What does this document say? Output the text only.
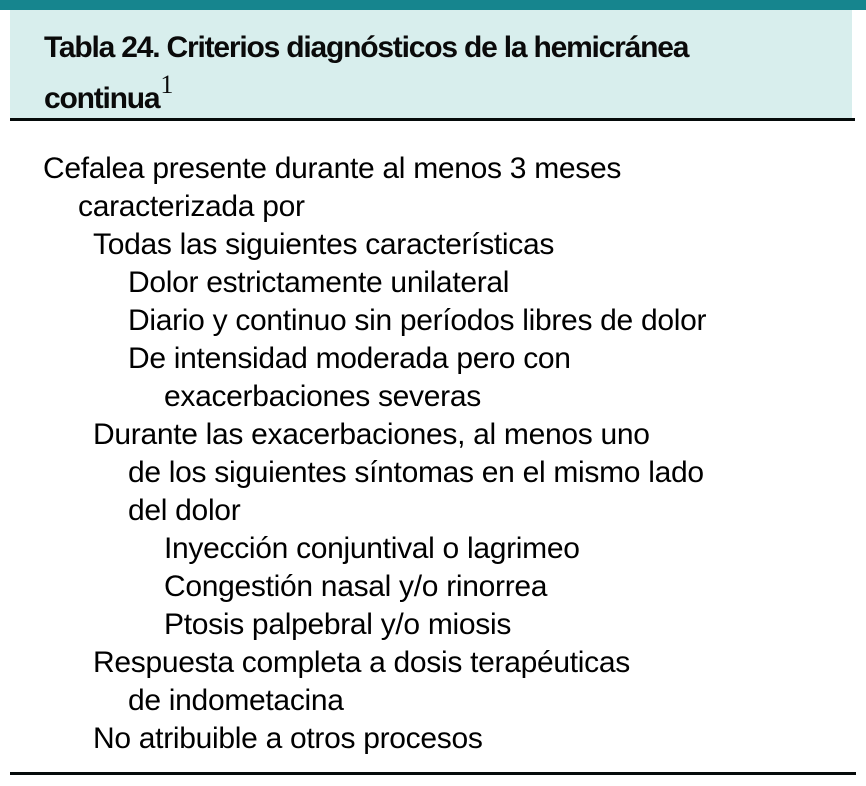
Tabla 24. Criterios diagnósticos de la hemicránea
continua$^1$
Cefalea presente durante al menos 3 meses
caracterizada por
Todas las siguientes características
Dolor estrictamente unilateral
Diario y continuo sin períodos libres de dolor
De intensidad moderada pero con
exacerbaciones severas
Durante las exacerbaciones, al menos uno
de los siguientes síntomas en el mismo lado
del dolor
Inyección conjuntival o lagrimeo
Congestión nasal y/o rinorrea
Ptosis palpebral y/o miosis
Respuesta completa a dosis terapéuticas
de indometacina
No atribuible a otros procesos
